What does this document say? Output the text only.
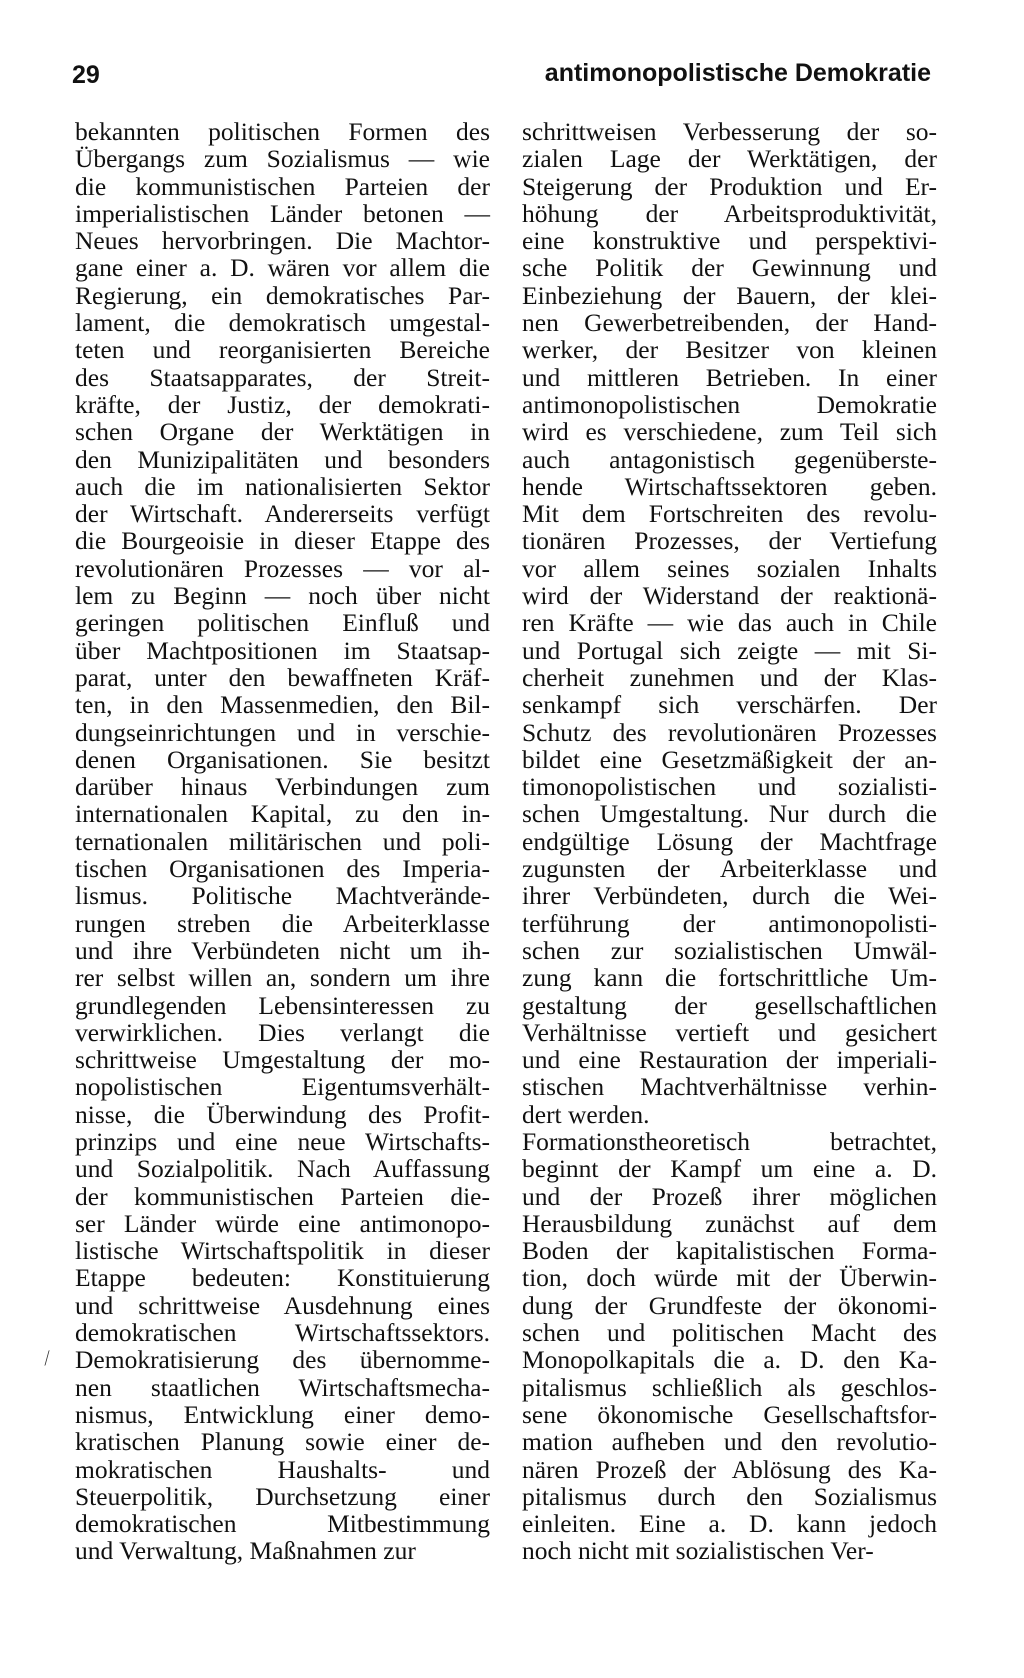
29	antimonopolistische Demokratie
⟋
bekannten politischen Formen des
Übergangs zum Sozialismus — wie
die kommunistischen Parteien der
imperialistischen Länder betonen —
Neues hervorbringen. Die Machtor-
gane einer a. D. wären vor allem die
Regierung, ein demokratisches Par-
lament, die demokratisch umgestal-
teten und reorganisierten Bereiche
des Staatsapparates, der Streit-
kräfte, der Justiz, der demokrati-
schen Organe der Werktätigen in
den Munizipalitäten und besonders
auch die im nationalisierten Sektor
der Wirtschaft. Andererseits verfügt
die Bourgeoisie in dieser Etappe des
revolutionären Prozesses — vor al-
lem zu Beginn — noch über nicht
geringen politischen Einfluß und
über Machtpositionen im Staatsap-
parat, unter den bewaffneten Kräf-
ten, in den Massenmedien, den Bil-
dungseinrichtungen und in verschie-
denen Organisationen. Sie besitzt
darüber hinaus Verbindungen zum
internationalen Kapital, zu den in-
ternationalen militärischen und poli-
tischen Organisationen des Imperia-
lismus. Politische Machtverände-
rungen streben die Arbeiterklasse
und ihre Verbündeten nicht um ih-
rer selbst willen an, sondern um ihre
grundlegenden Lebensinteressen zu
verwirklichen. Dies verlangt die
schrittweise Umgestaltung der mo-
nopolistischen Eigentumsverhält-
nisse, die Überwindung des Profit-
prinzips und eine neue Wirtschafts-
und Sozialpolitik. Nach Auffassung
der kommunistischen Parteien die-
ser Länder würde eine antimonopo-
listische Wirtschaftspolitik in dieser
Etappe bedeuten: Konstituierung
und schrittweise Ausdehnung eines
demokratischen Wirtschaftssektors.
Demokratisierung des übernomme-
nen staatlichen Wirtschaftsmecha-
nismus, Entwicklung einer demo-
kratischen Planung sowie einer de-
mokratischen Haushalts- und
Steuerpolitik, Durchsetzung einer
demokratischen Mitbestimmung
und Verwaltung, Maßnahmen zur
schrittweisen Verbesserung der so-
zialen Lage der Werktätigen, der
Steigerung der Produktion und Er-
höhung der Arbeitsproduktivität,
eine konstruktive und perspektivi-
sche Politik der Gewinnung und
Einbeziehung der Bauern, der klei-
nen Gewerbetreibenden, der Hand-
werker, der Besitzer von kleinen
und mittleren Betrieben. In einer
antimonopolistischen Demokratie
wird es verschiedene, zum Teil sich
auch antagonistisch gegenüberste-
hende Wirtschaftssektoren geben.
Mit dem Fortschreiten des revolu-
tionären Prozesses, der Vertiefung
vor allem seines sozialen Inhalts
wird der Widerstand der reaktionä-
ren Kräfte — wie das auch in Chile
und Portugal sich zeigte — mit Si-
cherheit zunehmen und der Klas-
senkampf sich verschärfen. Der
Schutz des revolutionären Prozesses
bildet eine Gesetzmäßigkeit der an-
timonopolistischen und sozialisti-
schen Umgestaltung. Nur durch die
endgültige Lösung der Machtfrage
zugunsten der Arbeiterklasse und
ihrer Verbündeten, durch die Wei-
terführung der antimonopolisti-
schen zur sozialistischen Umwäl-
zung kann die fortschrittliche Um-
gestaltung der gesellschaftlichen
Verhältnisse vertieft und gesichert
und eine Restauration der imperiali-
stischen Machtverhältnisse verhin-
dert werden.
Formationstheoretisch betrachtet,
beginnt der Kampf um eine a. D.
und der Prozeß ihrer möglichen
Herausbildung zunächst auf dem
Boden der kapitalistischen Forma-
tion, doch würde mit der Überwin-
dung der Grundfeste der ökonomi-
schen und politischen Macht des
Monopolkapitals die a. D. den Ka-
pitalismus schließlich als geschlos-
sene ökonomische Gesellschaftsfor-
mation aufheben und den revolutio-
nären Prozeß der Ablösung des Ka-
pitalismus durch den Sozialismus
einleiten. Eine a. D. kann jedoch
noch nicht mit sozialistischen Ver-
